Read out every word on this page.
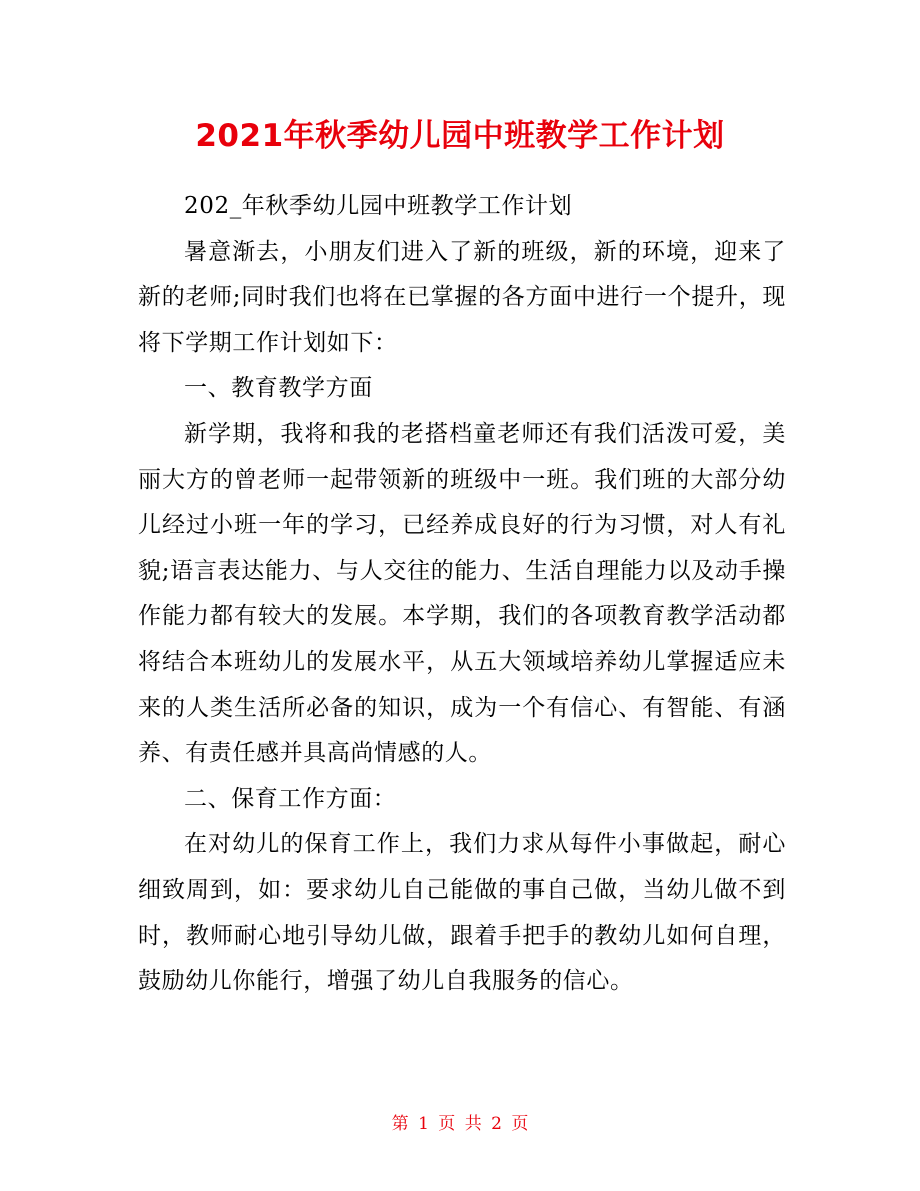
2021年秋季幼儿园中班教学工作计划

202_年秋季幼儿园中班教学工作计划

暑意渐去，小朋友们进入了新的班级，新的环境，迎来了新的老师;同时我们也将在已掌握的各方面中进行一个提升，现将下学期工作计划如下：

一、教育教学方面

新学期，我将和我的老搭档童老师还有我们活泼可爱，美丽大方的曾老师一起带领新的班级中一班。我们班的大部分幼儿经过小班一年的学习，已经养成良好的行为习惯，对人有礼貌;语言表达能力、与人交往的能力、生活自理能力以及动手操作能力都有较大的发展。本学期，我们的各项教育教学活动都将结合本班幼儿的发展水平，从五大领域培养幼儿掌握适应未来的人类生活所必备的知识，成为一个有信心、有智能、有涵养、有责任感并具高尚情感的人。

二、保育工作方面：

在对幼儿的保育工作上，我们力求从每件小事做起，耐心细致周到，如：要求幼儿自己能做的事自己做，当幼儿做不到时，教师耐心地引导幼儿做，跟着手把手的教幼儿如何自理，鼓励幼儿你能行，增强了幼儿自我服务的信心。

第 1 页 共 2 页
